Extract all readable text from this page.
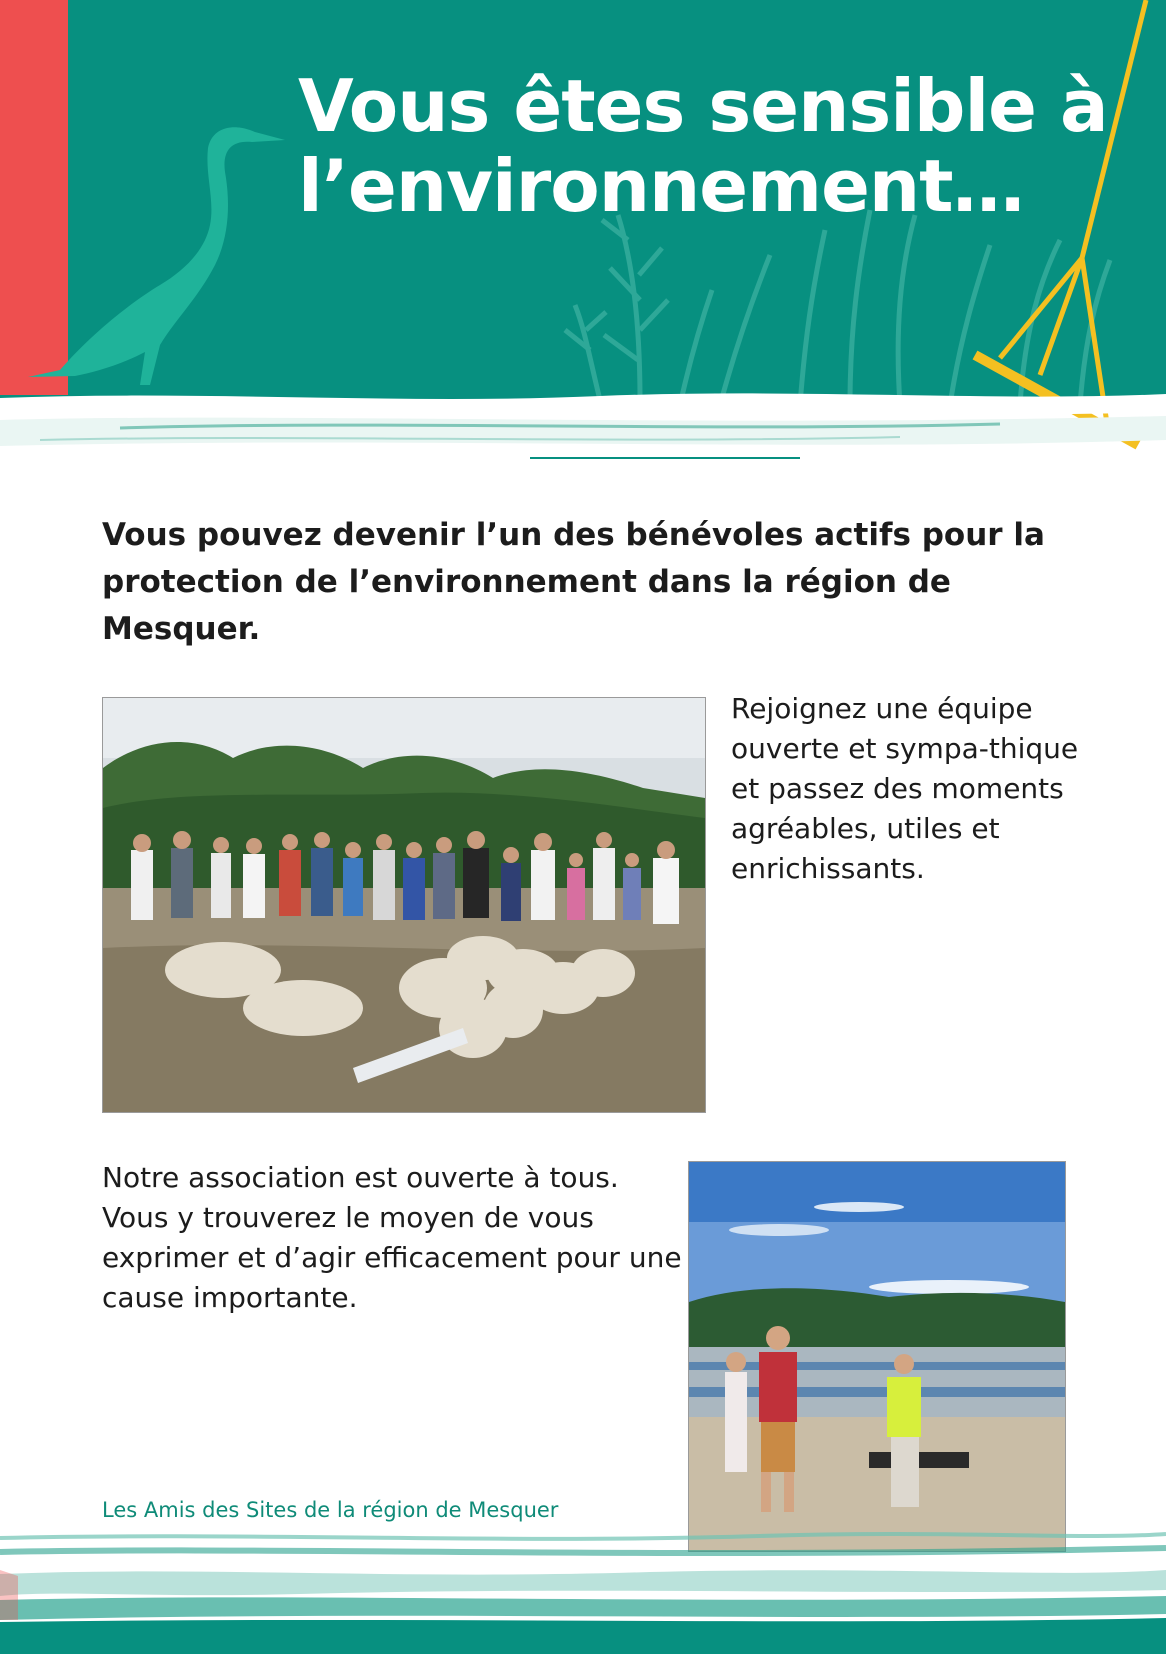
Vous êtes sensible à
l’environnement…

Vous pouvez devenir l’un des bénévoles actifs pour la protection de l’environnement dans la région de Mesquer.

Rejoignez une équipe ouverte et sympa-thique et passez des moments agréables, utiles et enrichissants.

Notre association est ouverte à tous. Vous y trouverez le moyen de vous exprimer et d’agir efficacement pour une cause importante.

Les Amis des Sites de la région de Mesquer
